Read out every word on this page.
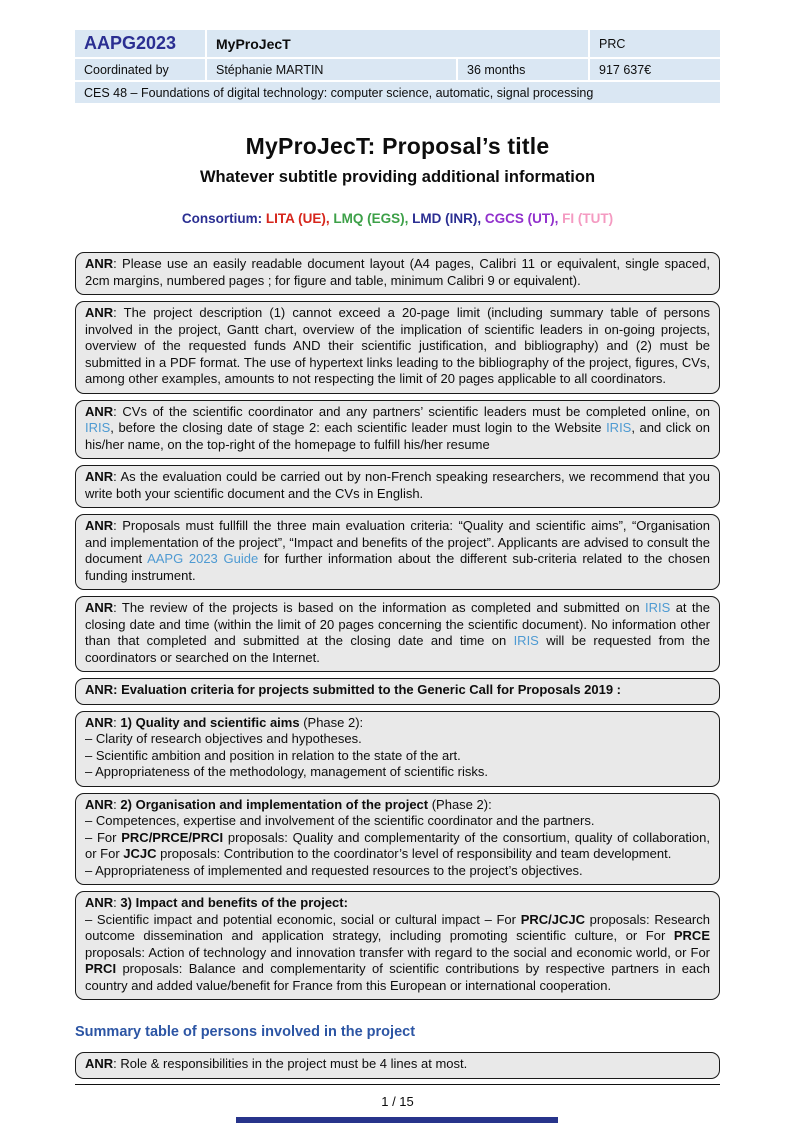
AAPG2023	MyProJecT	PRC
Coordinated by	Stéphanie MARTIN	36 months	917 637€
CES 48 – Foundations of digital technology: computer science, automatic, signal processing
MyProJecT: Proposal’s title
Whatever subtitle providing additional information
Consortium: LITA (UE), LMQ (EGS), LMD (INR), CGCS (UT), FI (TUT)
ANR: Please use an easily readable document layout (A4 pages, Calibri 11 or equivalent, single spaced, 2cm margins, numbered pages ; for figure and table, minimum Calibri 9 or equivalent).
ANR: The project description (1) cannot exceed a 20-page limit (including summary table of persons involved in the project, Gantt chart, overview of the implication of scientific leaders in on-going projects, overview of the requested funds AND their scientific justification, and bibliography) and (2) must be submitted in a PDF format. The use of hypertext links leading to the bibliography of the project, figures, CVs, among other examples, amounts to not respecting the limit of 20 pages applicable to all coordinators.
ANR: CVs of the scientific coordinator and any partners’ scientific leaders must be completed online, on IRIS, before the closing date of stage 2: each scientific leader must login to the Website IRIS, and click on his/her name, on the top-right of the homepage to fulfill his/her resume
ANR: As the evaluation could be carried out by non-French speaking researchers, we recommend that you write both your scientific document and the CVs in English.
ANR: Proposals must fullfill the three main evaluation criteria: “Quality and scientific aims”, “Organisation and implementation of the project”, “Impact and benefits of the project”. Applicants are advised to consult the document AAPG 2023 Guide for further information about the different sub-criteria related to the chosen funding instrument.
ANR: The review of the projects is based on the information as completed and submitted on IRIS at the closing date and time (within the limit of 20 pages concerning the scientific document). No information other than that completed and submitted at the closing date and time on IRIS will be requested from the coordinators or searched on the Internet.
ANR: Evaluation criteria for projects submitted to the Generic Call for Proposals 2019 :
ANR: 1) Quality and scientific aims (Phase 2):
– Clarity of research objectives and hypotheses.
– Scientific ambition and position in relation to the state of the art.
– Appropriateness of the methodology, management of scientific risks.
ANR: 2) Organisation and implementation of the project (Phase 2):
– Competences, expertise and involvement of the scientific coordinator and the partners.
– For PRC/PRCE/PRCI proposals: Quality and complementarity of the consortium, quality of collaboration, or For JCJC proposals: Contribution to the coordinator’s level of responsibility and team development.
– Appropriateness of implemented and requested resources to the project’s objectives.
ANR: 3) Impact and benefits of the project:
– Scientific impact and potential economic, social or cultural impact – For PRC/JCJC proposals: Research outcome dissemination and application strategy, including promoting scientific culture, or For PRCE proposals: Action of technology and innovation transfer with regard to the social and economic world, or For PRCI proposals: Balance and complementarity of scientific contributions by respective partners in each country and added value/benefit for France from this European or international cooperation.
Summary table of persons involved in the project
ANR: Role & responsibilities in the project must be 4 lines at most.
1 / 15
